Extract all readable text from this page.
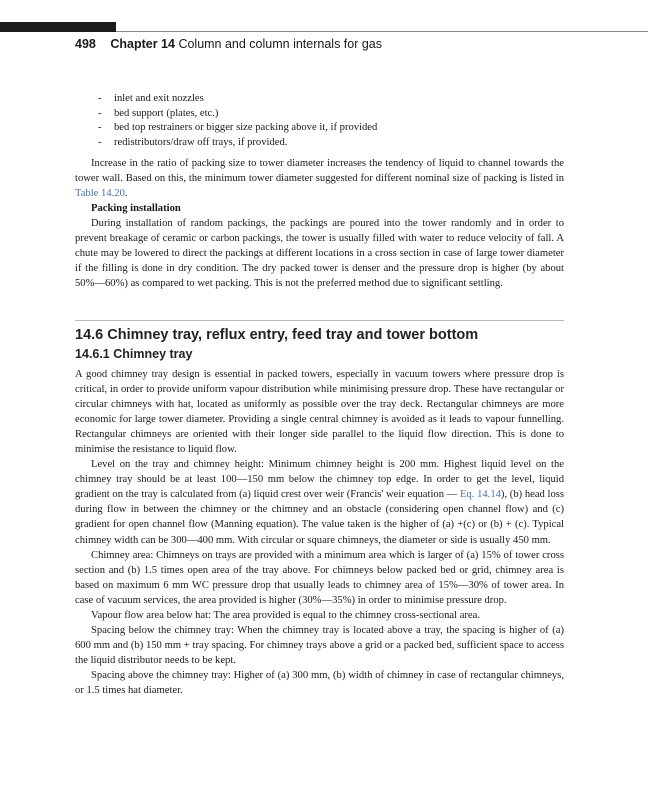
498 Chapter 14 Column and column internals for gas
- inlet and exit nozzles
- bed support (plates, etc.)
- bed top restrainers or bigger size packing above it, if provided
- redistributors/draw off trays, if provided.

Increase in the ratio of packing size to tower diameter increases the tendency of liquid to channel towards the tower wall. Based on this, the minimum tower diameter suggested for different nominal size of packing is listed in Table 14.20.

Packing installation

During installation of random packings, the packings are poured into the tower randomly and in order to prevent breakage of ceramic or carbon packings, the tower is usually filled with water to reduce velocity of fall. A chute may be lowered to direct the packings at different locations in a cross section in case of large tower diameter if the filling is done in dry condition. The dry packed tower is denser and the pressure drop is higher (by about 50%—60%) as compared to wet packing. This is not the preferred method due to significant settling.

14.6 Chimney tray, reflux entry, feed tray and tower bottom
14.6.1 Chimney tray

A good chimney tray design is essential in packed towers, especially in vacuum towers where pressure drop is critical, in order to provide uniform vapour distribution while minimising pressure drop. These have rectangular or circular chimneys with hat, located as uniformly as possible over the tray deck. Rectangular chimneys are more economic for large tower diameter. Providing a single central chimney is avoided as it leads to vapour funnelling. Rectangular chimneys are oriented with their longer side parallel to the liquid flow direction. This is done to minimise the resistance to liquid flow.

Level on the tray and chimney height: Minimum chimney height is 200 mm. Highest liquid level on the chimney tray should be at least 100—150 mm below the chimney top edge. In order to get the level, liquid gradient on the tray is calculated from (a) liquid crest over weir (Francis' weir equation — Eq. 14.14), (b) head loss during flow in between the chimney or the chimney and an obstacle (considering open channel flow) and (c) gradient for open channel flow (Manning equation). The value taken is the higher of (a) +(c) or (b) + (c). Typical chimney width can be 300—400 mm. With circular or square chimneys, the diameter or side is usually 450 mm.

Chimney area: Chimneys on trays are provided with a minimum area which is larger of (a) 15% of tower cross section and (b) 1.5 times open area of the tray above. For chimneys below packed bed or grid, chimney area is based on maximum 6 mm WC pressure drop that usually leads to chimney area of 15%—30% of tower area. In case of vacuum services, the area provided is higher (30%—35%) in order to minimise pressure drop.

Vapour flow area below hat: The area provided is equal to the chimney cross-sectional area.

Spacing below the chimney tray: When the chimney tray is located above a tray, the spacing is higher of (a) 600 mm and (b) 150 mm + tray spacing. For chimney trays above a grid or a packed bed, sufficient space to access the liquid distributor needs to be kept.

Spacing above the chimney tray: Higher of (a) 300 mm, (b) width of chimney in case of rectangular chimneys, or 1.5 times hat diameter.
